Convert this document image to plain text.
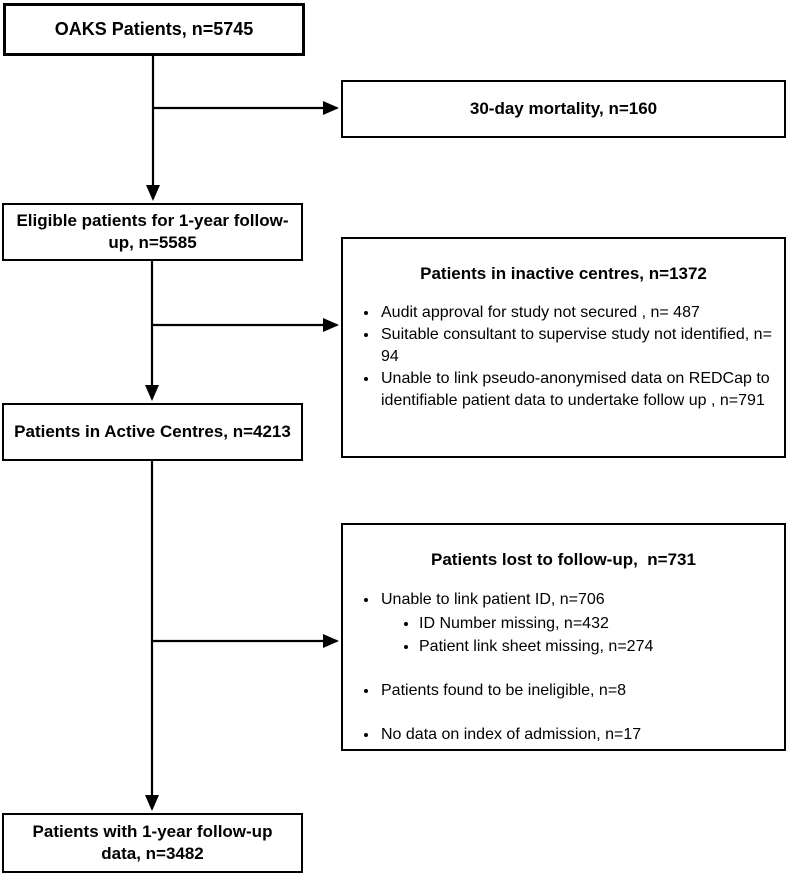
OAKS Patients, n=5745
30-day mortality, n=160
Eligible patients for 1-year follow-up, n=5585
Patients in inactive centres, n=1372
• Audit approval for study not secured , n= 487
• Suitable consultant to supervise study not identified, n= 94
• Unable to link pseudo-anonymised data on REDCap to identifiable patient data to undertake follow up , n=791
Patients in Active Centres, n=4213
Patients lost to follow-up,  n=731
• Unable to link patient ID, n=706
• ID Number missing, n=432
• Patient link sheet missing, n=274
• Patients found to be ineligible, n=8
• No data on index of admission, n=17
Patients with 1-year follow-up data, n=3482
